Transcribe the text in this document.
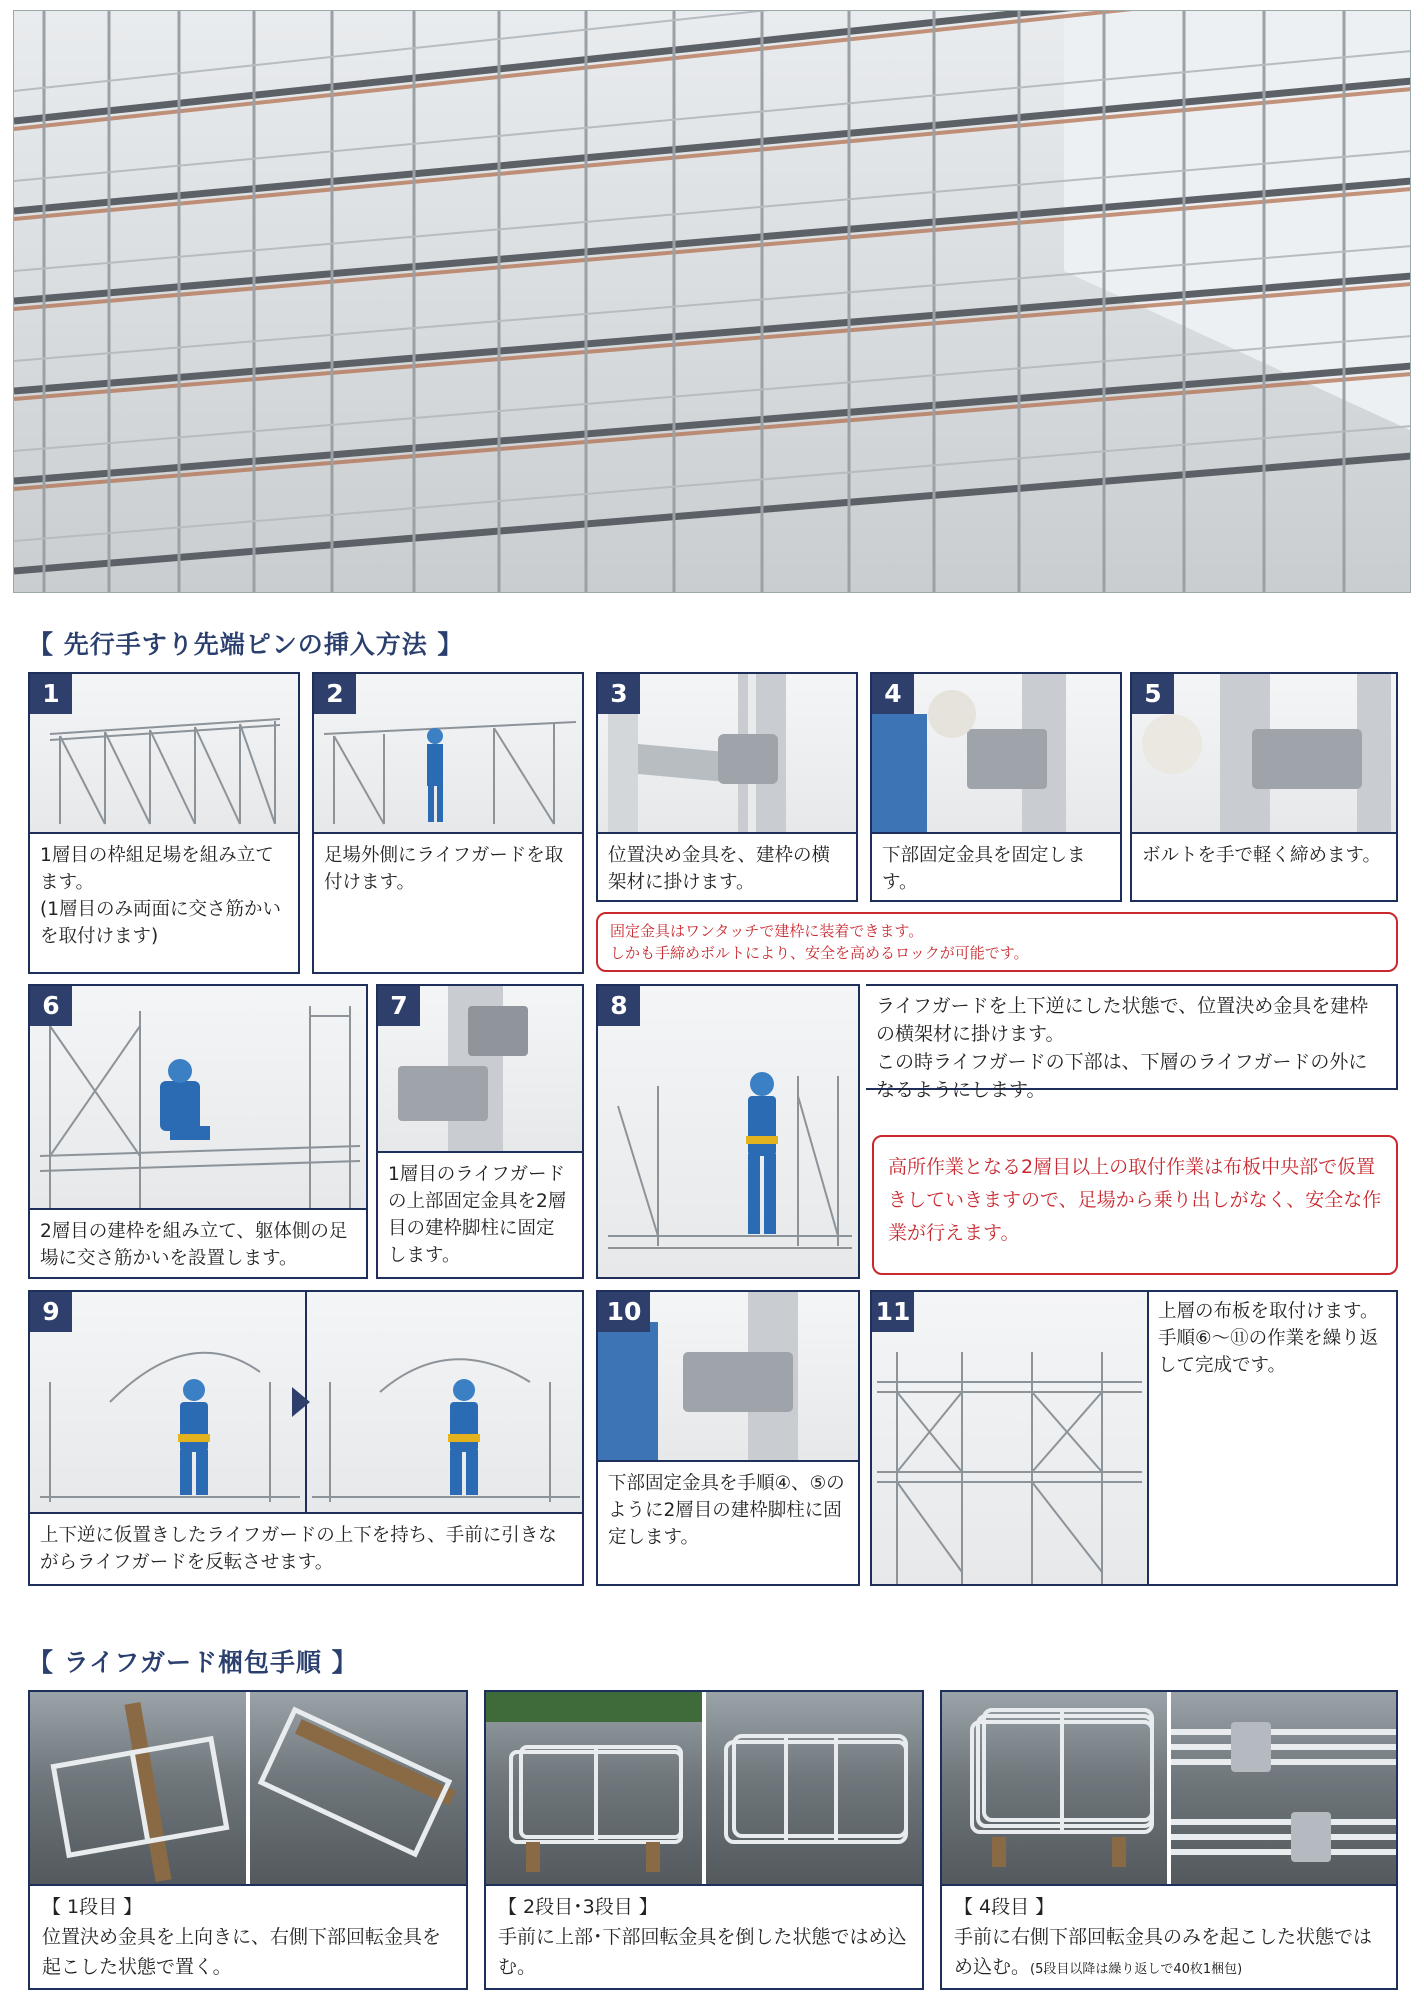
【 先行手すり先端ピンの挿入方法 】
1

1層目の枠組足場を組み立てます。
(1層目のみ両面に交さ筋かいを取付けます)

2

足場外側にライフガードを取付けます。

3

位置決め金具を、建枠の横架材に掛けます。

4

下部固定金具を固定します。

5

ボルトを手で軽く締めます。

固定金具はワンタッチで建枠に装着できます。
しかも手締めボルトにより、安全を高めるロックが可能です。
6

2層目の建枠を組み立て、躯体側の足場に交さ筋かいを設置します。

7

1層目のライフガードの上部固定金具を2層目の建枠脚柱に固定します。

8	ライフガードを上下逆にした状態で、位置決め金具を建枠の横架材に掛けます。
この時ライフガードの下部は、下層のライフガードの外になるようにします。
高所作業となる2層目以上の取付作業は布板中央部で仮置きしていきますので、足場から乗り出しがなく、安全な作業が行えます。
9

上下逆に仮置きしたライフガードの上下を持ち、手前に引きながらライフガードを反転させます。

10

下部固定金具を手順④、⑤のように2層目の建枠脚柱に固定します。

11	上層の布板を取付けます。手順⑥～⑪の作業を繰り返して完成です。
【 ライフガード梱包手順 】
【 1段目 】
位置決め金具を上向きに、右側下部回転金具を起こした状態で置く。
【 2段目･3段目 】
手前に上部･下部回転金具を倒した状態ではめ込む。
【 4段目 】
手前に右側下部回転金具のみを起こした状態ではめ込む。(5段目以降は繰り返しで40枚1梱包)
